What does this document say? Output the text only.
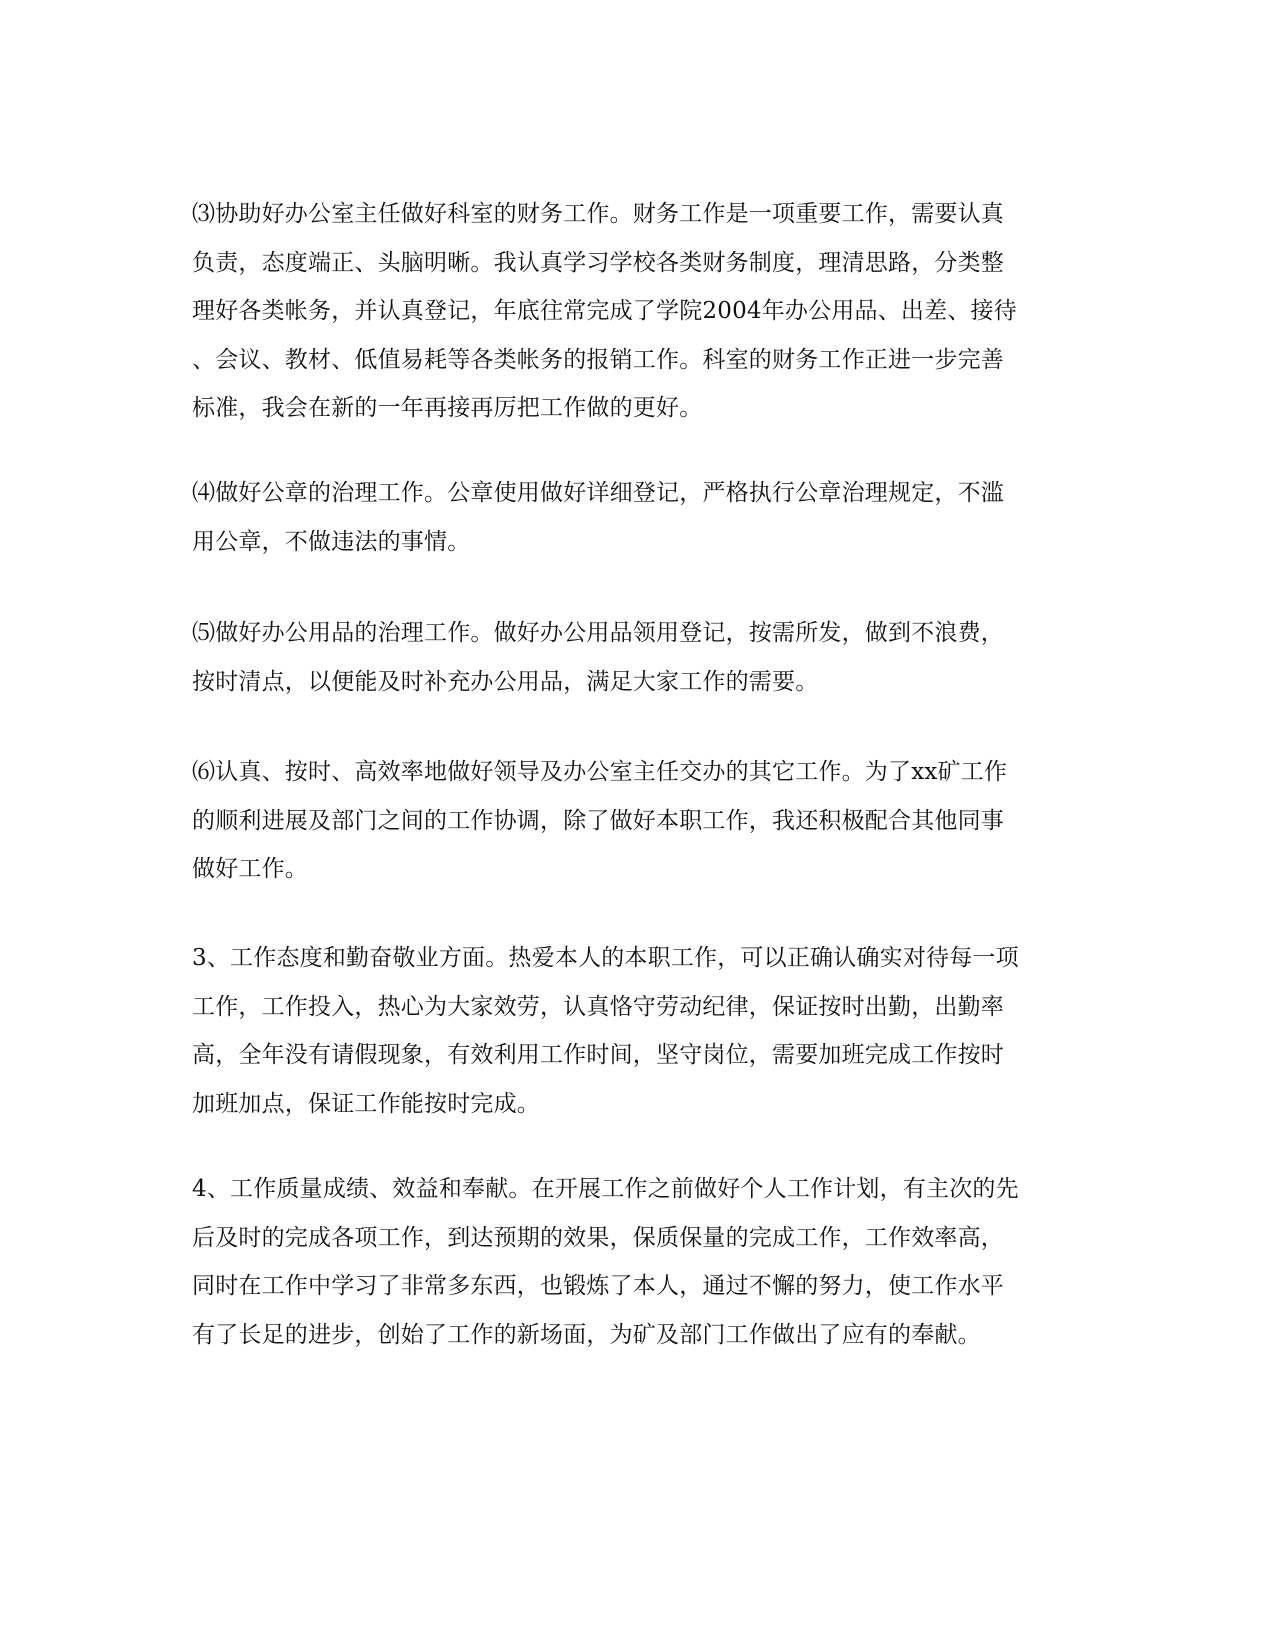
⑶协助好办公室主任做好科室的财务工作。财务工作是一项重要工作，需要认真
负责，态度端正、头脑明晰。我认真学习学校各类财务制度，理清思路，分类整
理好各类帐务，并认真登记，年底往常完成了学院2004年办公用品、出差、接待
、会议、教材、低值易耗等各类帐务的报销工作。科室的财务工作正进一步完善
标准，我会在新的一年再接再厉把工作做的更好。
⑷做好公章的治理工作。公章使用做好详细登记，严格执行公章治理规定，不滥
用公章，不做违法的事情。
⑸做好办公用品的治理工作。做好办公用品领用登记，按需所发，做到不浪费，
按时清点，以便能及时补充办公用品，满足大家工作的需要。
⑹认真、按时、高效率地做好领导及办公室主任交办的其它工作。为了xx矿工作
的顺利进展及部门之间的工作协调，除了做好本职工作，我还积极配合其他同事
做好工作。
3、工作态度和勤奋敬业方面。热爱本人的本职工作，可以正确认确实对待每一项
工作，工作投入，热心为大家效劳，认真恪守劳动纪律，保证按时出勤，出勤率
高，全年没有请假现象，有效利用工作时间，坚守岗位，需要加班完成工作按时
加班加点，保证工作能按时完成。
4、工作质量成绩、效益和奉献。在开展工作之前做好个人工作计划，有主次的先
后及时的完成各项工作，到达预期的效果，保质保量的完成工作，工作效率高，
同时在工作中学习了非常多东西，也锻炼了本人，通过不懈的努力，使工作水平
有了长足的进步，创始了工作的新场面，为矿及部门工作做出了应有的奉献。
